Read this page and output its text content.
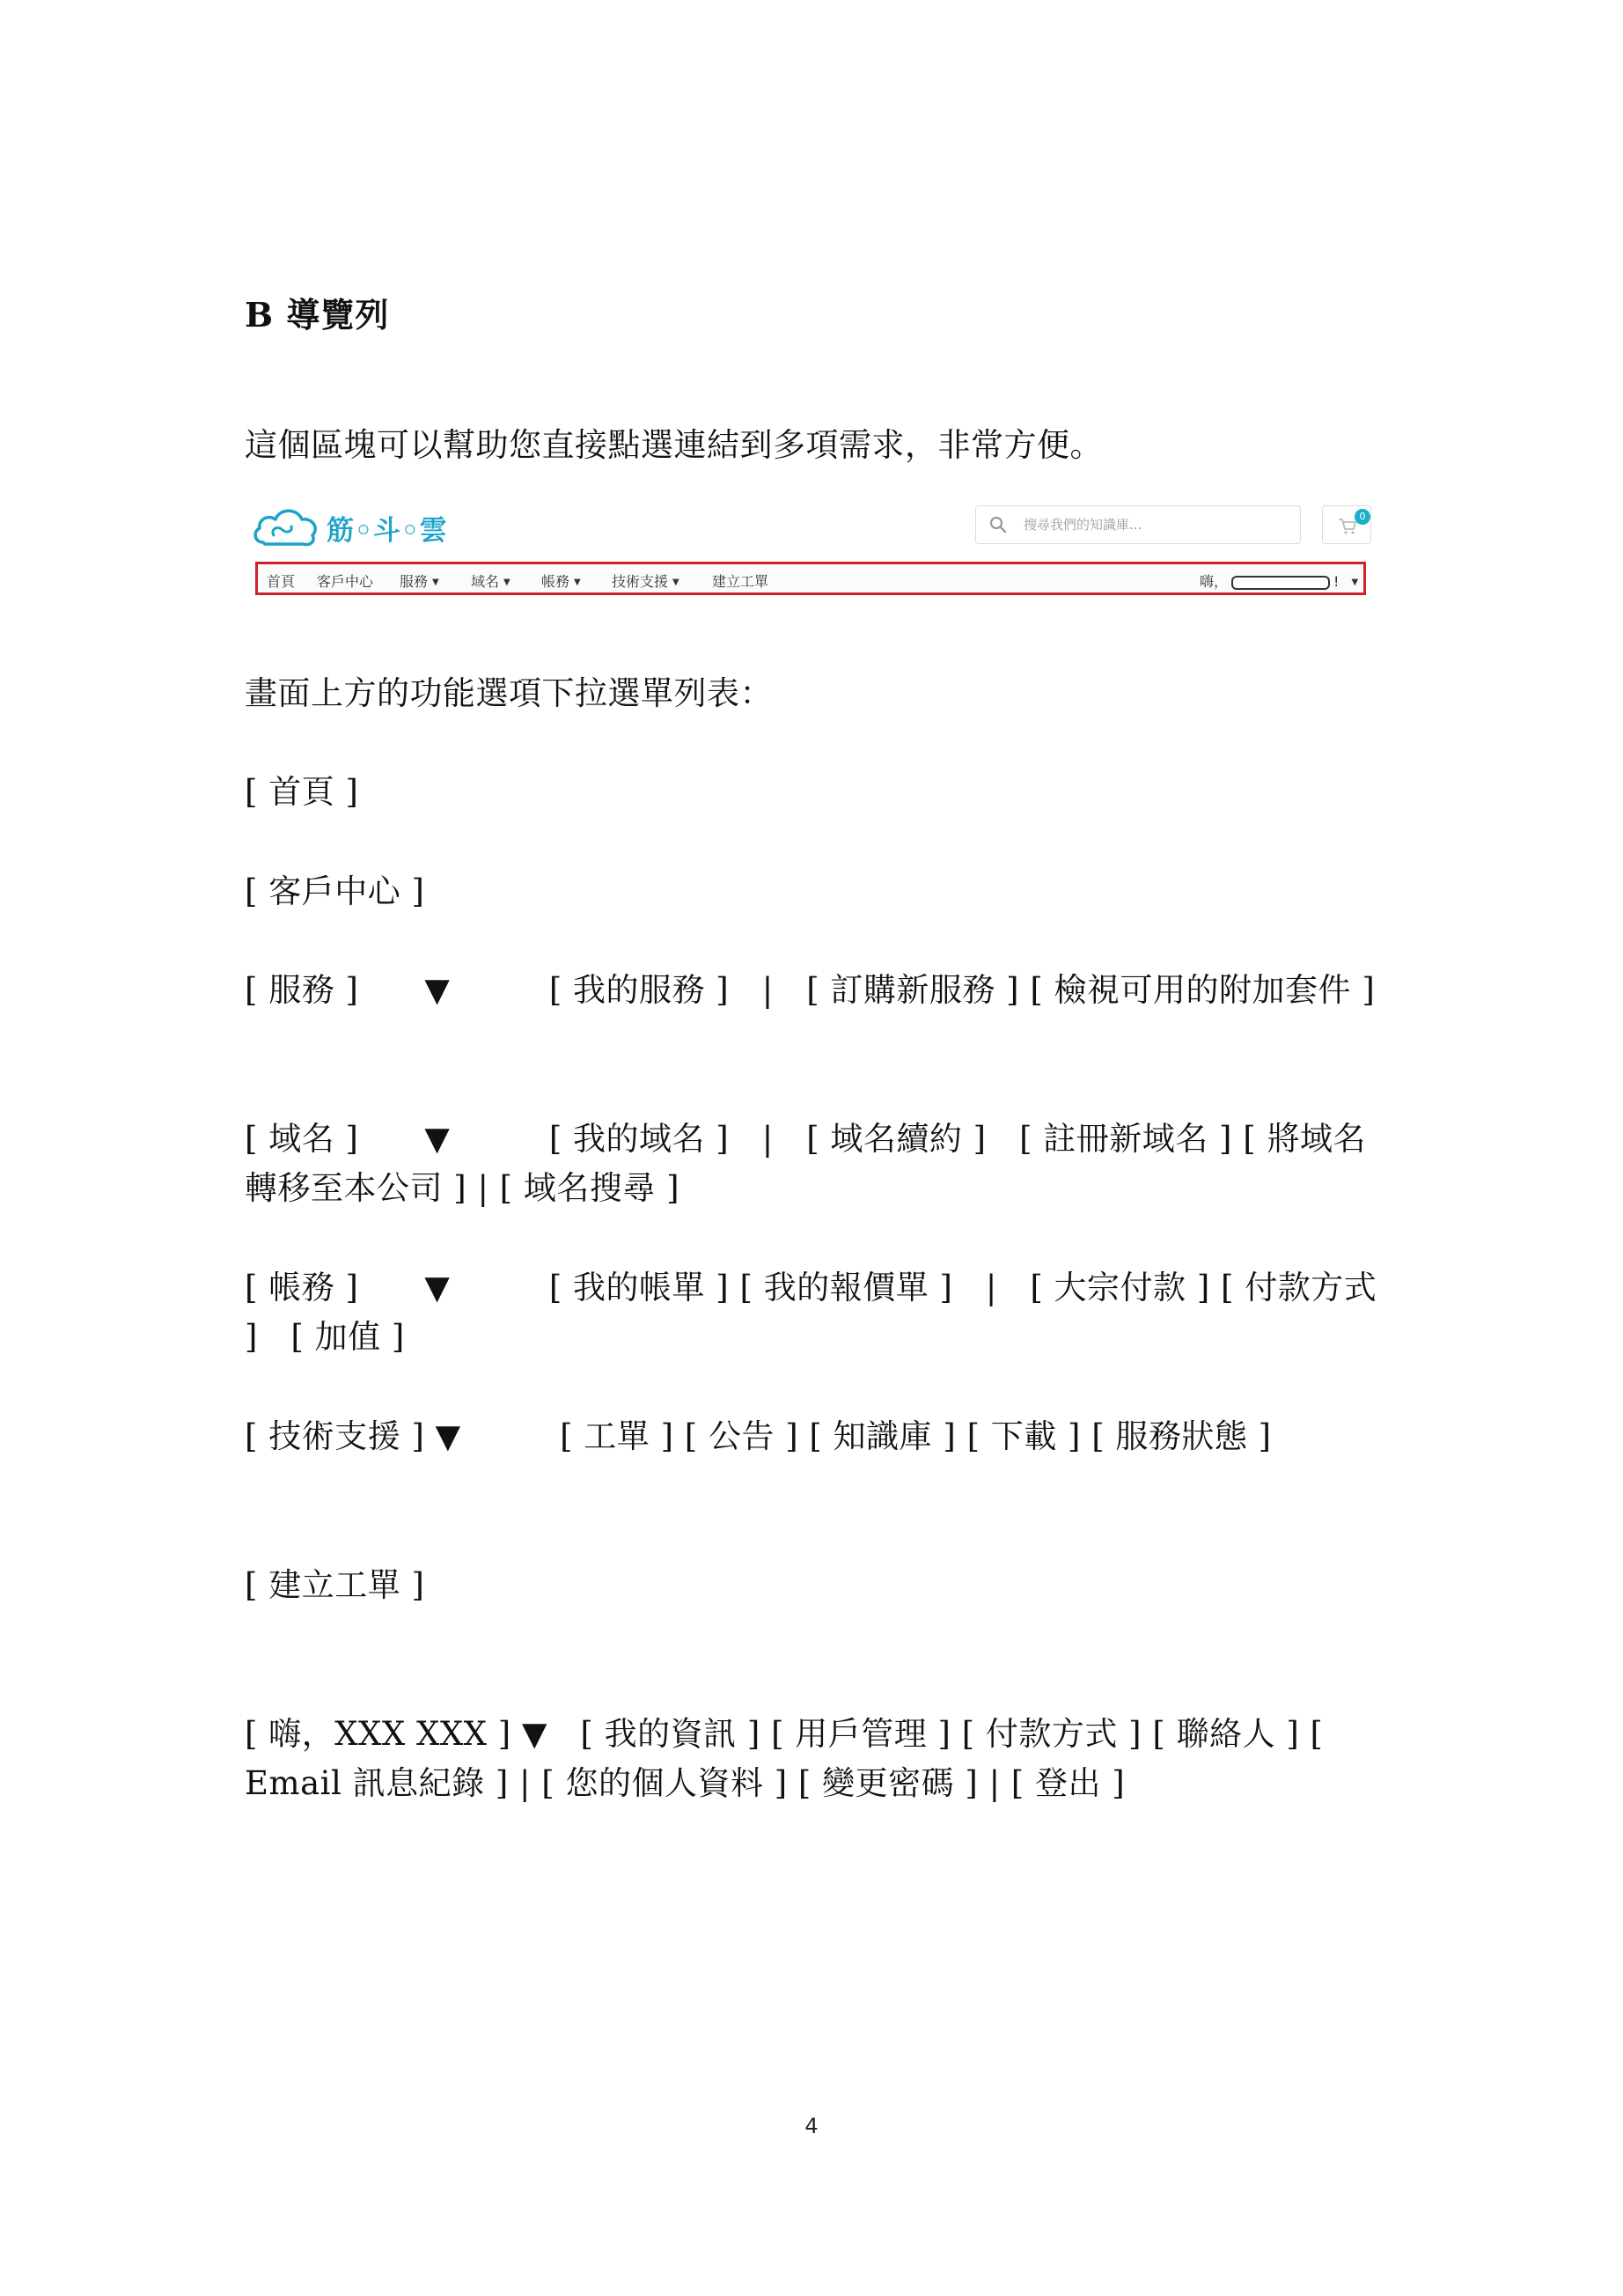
B 導覽列
這個區塊可以幫助您直接點選連結到多項需求，非常方便。
筋◦斗◦雲
搜尋我們的知識庫...	0
首頁 客戶中心 服務 ▼ 域名 ▼ 帳務 ▼ 技術支援 ▼ 建立工單	嗨，	! ▼
畫面上方的功能選項下拉選單列表：
[ 首頁 ]
[ 客戶中心 ]
[ 服務 ]　　▼　　　[ 我的服務 ]　|　[ 訂購新服務 ] [ 檢視可用的附加套件 ]
[ 域名 ]　　▼　　　[ 我的域名 ]　|　[ 域名續約 ]　[ 註冊新域名 ] [ 將域名轉移至本公司 ] | [ 域名搜尋 ]
[ 帳務 ]　　▼　　　[ 我的帳單 ] [ 我的報價單 ]　|　[ 大宗付款 ] [ 付款方式 ]　[ 加值 ]
[ 技術支援 ] ▼　　　[ 工單 ] [ 公告 ] [ 知識庫 ] [ 下載 ] [ 服務狀態 ]
[ 建立工單 ]
[ 嗨，XXX XXX ] ▼　[ 我的資訊 ] [ 用戶管理 ] [ 付款方式 ] [ 聯絡人 ] [ Email 訊息紀錄 ] | [ 您的個人資料 ] [ 變更密碼 ] | [ 登出 ]
4
